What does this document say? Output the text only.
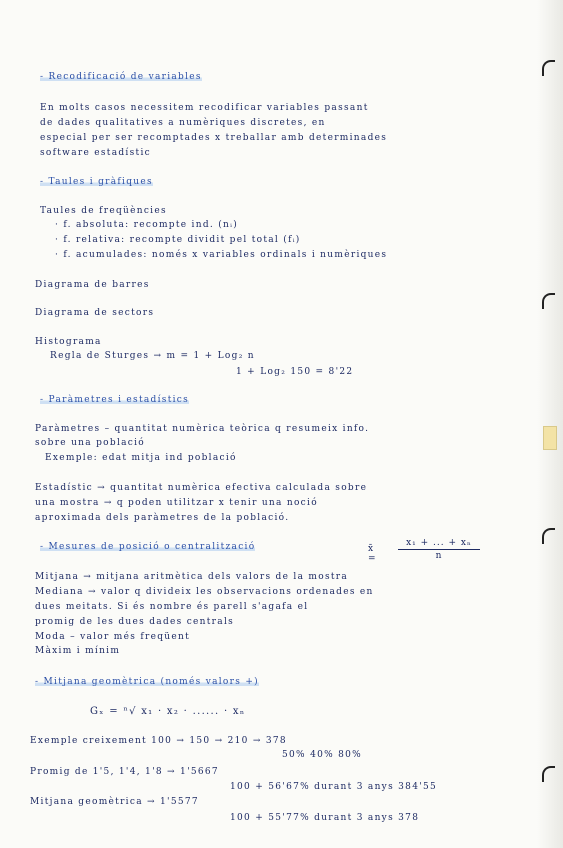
- Recodificació de variables
En molts casos necessitem recodificar variables passant
de dades qualitatives a numèriques discretes, en
especial per ser recomptades x treballar amb determinades
software estadístic
- Taules i gràfiques
Taules de freqüències
· f. absoluta: recompte ind. (nᵢ)
· f. relativa: recompte dividit pel total (fᵢ)
· f. acumulades: només x variables ordinals i numèriques
Diagrama de barres
Diagrama de sectors
Histograma
Regla de Sturges → m = 1 + Log₂ n
1 + Log₂ 150 = 8'22
- Paràmetres i estadístics
Paràmetres – quantitat numèrica teòrica q resumeix info.
sobre una població
Exemple: edat mitja ind població
Estadístic → quantitat numèrica efectiva calculada sobre
una mostra → q poden utilitzar x tenir una noció
aproximada dels paràmetres de la població.
- Mesures de posició o centralització	x̄ =
x₁ + ... + xₙ
n
Mitjana → mitjana aritmètica dels valors de la mostra
Mediana → valor q divideix les observacions ordenades en
dues meitats. Si és nombre és parell s'agafa el
promig de les dues dades centrals
Moda – valor més freqüent
Màxim i mínim
- Mitjana geomètrica (només valors +)
Gₓ = ⁿ√ x₁ · x₂ · ...... · xₙ
Exemple creixement 100 → 150 → 210 → 378
50% 40% 80%
Promig de 1'5, 1'4, 1'8 → 1'5667
100 + 56'67% durant 3 anys 384'55
Mitjana geomètrica → 1'5577
100 + 55'77% durant 3 anys 378
